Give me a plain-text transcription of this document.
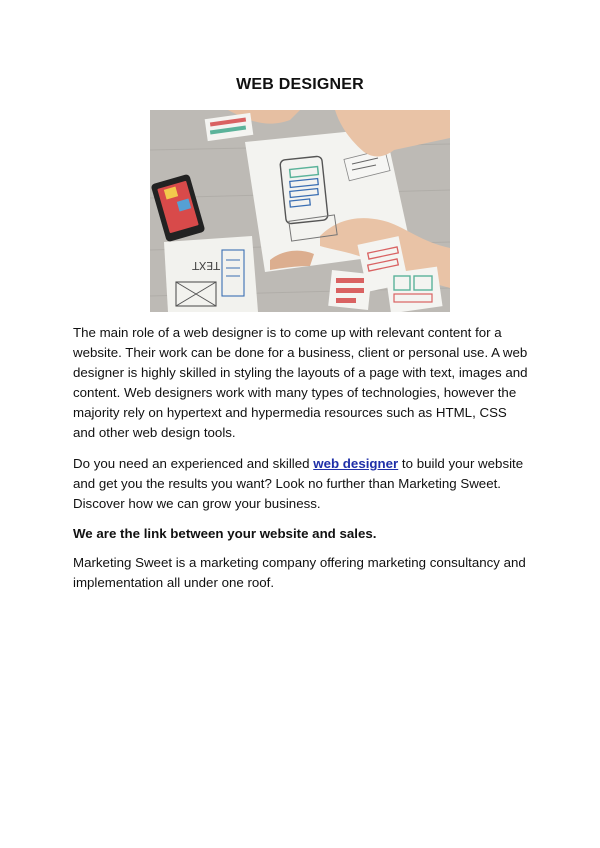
WEB DESIGNER
TEXT
The main role of a web designer is to come up with relevant content for a website. Their work can be done for a business, client or personal use. A web designer is highly skilled in styling the layouts of a page with text, images and content. Web designers work with many types of technologies, however the majority rely on hypertext and hypermedia resources such as HTML, CSS and other web design tools.
Do you need an experienced and skilled web designer to build your website and get you the results you want? Look no further than Marketing Sweet. Discover how we can grow your business.
We are the link between your website and sales.
Marketing Sweet is a marketing company offering marketing consultancy and implementation all under one roof.
